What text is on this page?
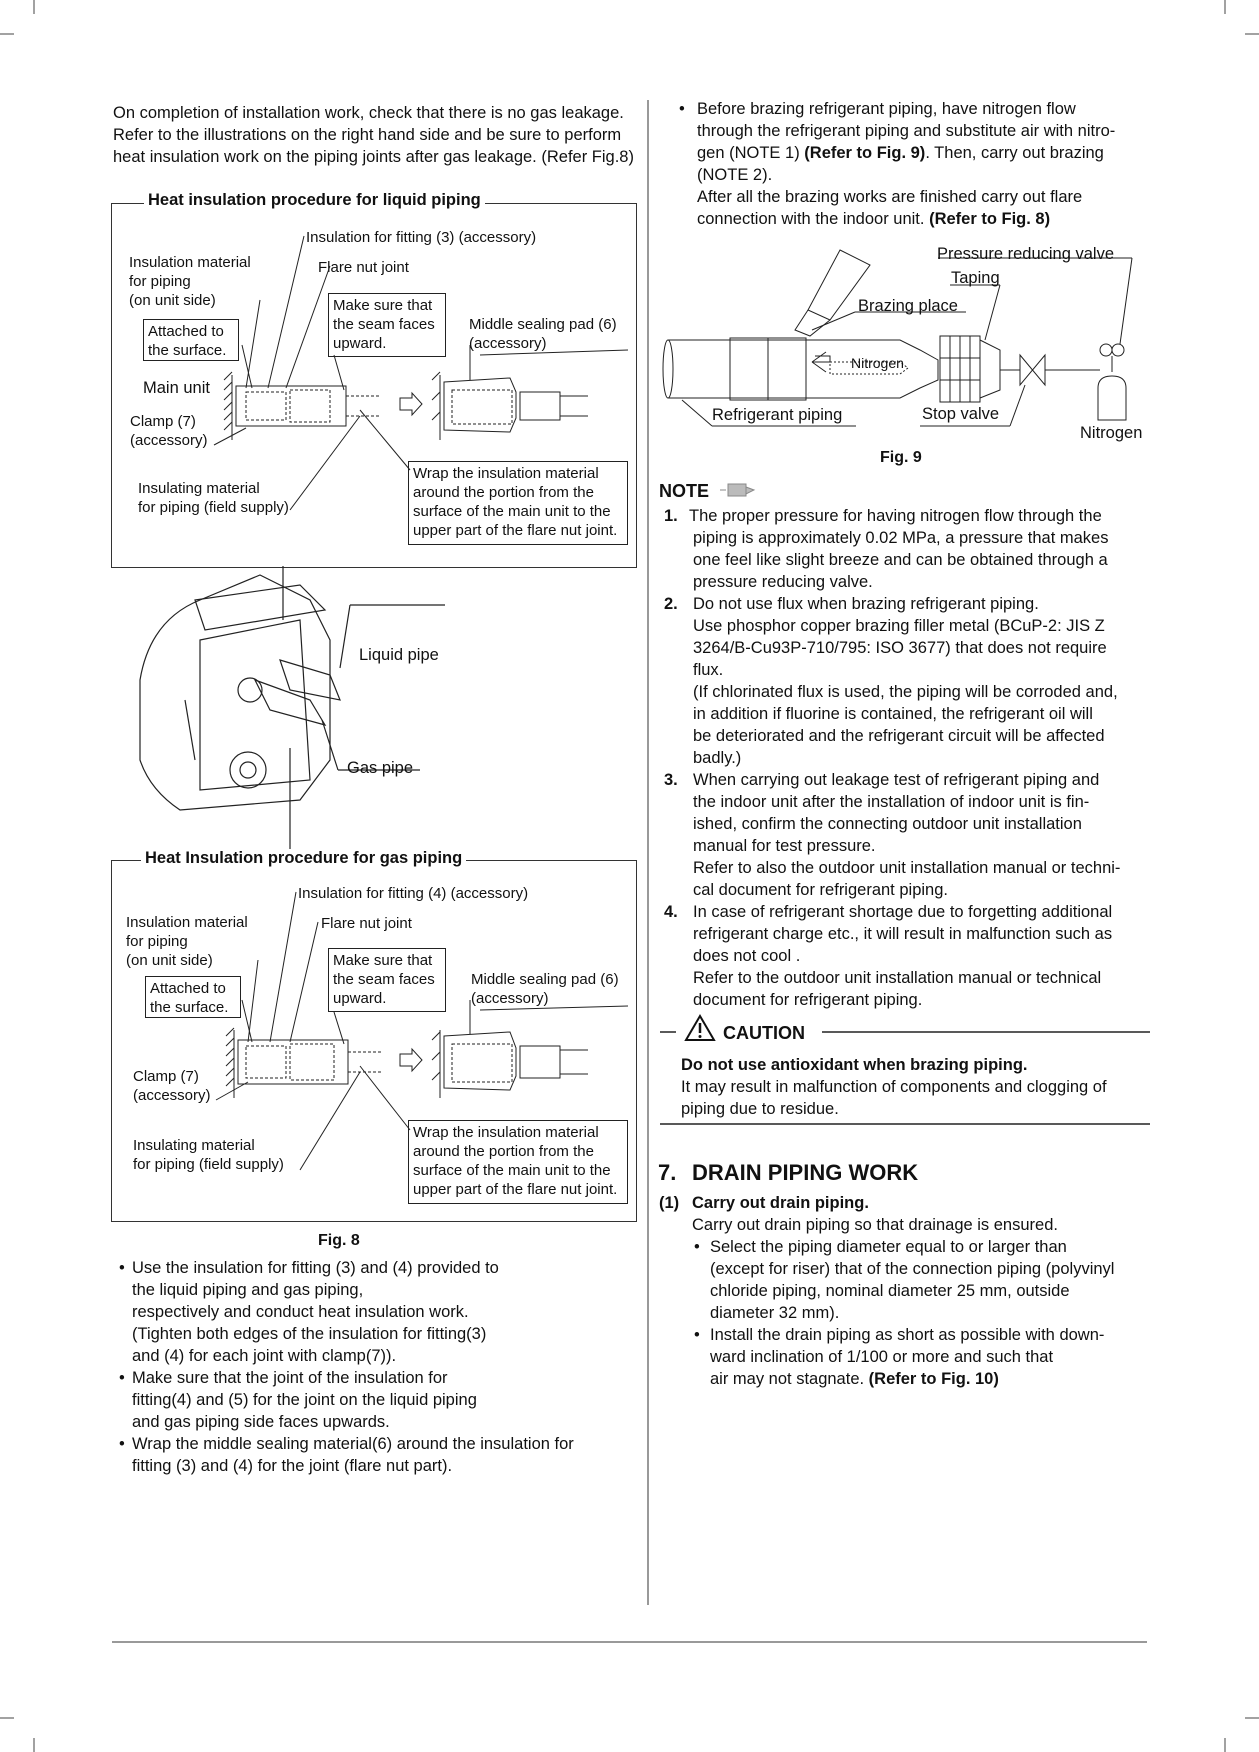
On completion of installation work, check that there is no gas leakage. Refer to the illustrations on the right hand side and be sure to perform heat insulation work on the piping joints after gas leakage. (Refer Fig.8)
Heat insulation procedure for liquid piping
Insulation for fitting (3) (accessory)
Insulation material
for piping
(on unit side)
Flare nut joint
Make sure that
the seam faces
upward.
Attached to
the surface.
Middle sealing pad (6)
(accessory)
Main unit
Clamp (7)
(accessory)
Insulating material
for piping (field supply)
Wrap the insulation material
around the portion from the
surface of the main unit to the
upper part of the flare nut joint.
Liquid pipe
Gas pipe
Heat Insulation procedure for gas piping
Insulation for fitting (4) (accessory)
Insulation material
for piping
(on unit side)
Flare nut joint
Make sure that
the seam faces
upward.
Attached to
the surface.
Middle sealing pad (6)
(accessory)
Clamp (7)
(accessory)
Insulating material
for piping (field supply)
Wrap the insulation material
around the portion from the
surface of the main unit to the
upper part of the flare nut joint.
Fig. 8
• Use the insulation for fitting (3) and (4) provided to
the liquid piping and gas piping,
respectively and conduct heat insulation work.
(Tighten both edges of the insulation for fitting(3)
and (4) for each joint with clamp(7)).
• Make sure that the joint of the insulation for
fitting(4) and (5) for the joint on the liquid piping
and gas piping side faces upwards.
• Wrap the middle sealing material(6) around the insulation for
fitting (3) and (4) for the joint (flare nut part).
• Before brazing refrigerant piping, have nitrogen flow
through the refrigerant piping and substitute air with nitro-
gen (NOTE 1) (Refer to Fig. 9). Then, carry out brazing
(NOTE 2).
After all the brazing works are finished carry out flare
connection with the indoor unit. (Refer to Fig. 8)
Pressure reducing valve
Taping
Brazing place
Nitrogen
Refrigerant piping	Stop valve
Nitrogen
Fig. 9
NOTE
1. The proper pressure for having nitrogen flow through the
piping is approximately 0.02 MPa, a pressure that makes
one feel like slight breeze and can be obtained through a
pressure reducing valve.
2. Do not use flux when brazing refrigerant piping.
Use phosphor copper brazing filler metal (BCuP-2: JIS Z
3264/B-Cu93P-710/795: ISO 3677) that does not require
flux.
(If chlorinated flux is used, the piping will be corroded and,
in addition if fluorine is contained, the refrigerant oil will
be deteriorated and the refrigerant circuit will be affected
badly.)
3. When carrying out leakage test of refrigerant piping and
the indoor unit after the installation of indoor unit is fin-
ished, confirm the connecting outdoor unit installation
manual for test pressure.
Refer to also the outdoor unit installation manual or techni-
cal document for refrigerant piping.
4. In case of refrigerant shortage due to forgetting additional
refrigerant charge etc., it will result in malfunction such as
does not cool .
Refer to the outdoor unit installation manual or technical
document for refrigerant piping.
CAUTION
Do not use antioxidant when brazing piping.
It may result in malfunction of components and clogging of
piping due to residue.
7. DRAIN PIPING WORK
(1) Carry out drain piping.
Carry out drain piping so that drainage is ensured.
• Select the piping diameter equal to or larger than
(except for riser) that of the connection piping (polyvinyl
chloride piping, nominal diameter 25 mm, outside
diameter 32 mm).
• Install the drain piping as short as possible with down-
ward inclination of 1/100 or more and such that
air may not stagnate. (Refer to Fig. 10)
